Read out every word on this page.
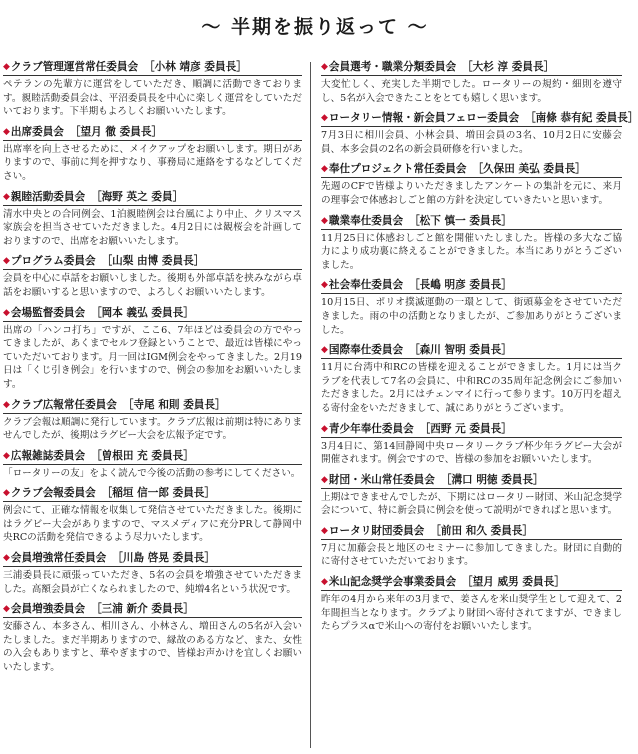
〜 半期を振り返って 〜
◆ クラブ管理運営常任委員会 ［ 小林 靖彦 委員長 ］
ペテランの先輩方に運営をしていただき、順調に活動できております。親睦活動委員会は、平沼委員長を中心に楽しく運営をしていただいております。下半期もよろしくお願いいたします。
◆ 出席委員会 ［ 望月 徹 委員長 ］
出席率を向上させるために、メイクアップをお願いします。期日がありますので、事前に判を押すなり、事務局に連絡をするなどしてください。
◆ 親睦活動委員会 ［ 海野 英之 委員 ］
清水中央との合同例会、1泊親睦例会は台風により中止、クリスマス家族会を担当させていただきました。4月2日には観桜会を計画しておりますので、出席をお願いいたします。
◆ プログラム委員会 ［ 山梨 由博 委員長 ］
会員を中心に卓話をお願いしました。後期も外部卓話を挟みながら卓話をお願いすると思いますので、よろしくお願いいたします。
◆ 会場監督委員会 ［ 岡本 義弘 委員長 ］
出席の「ハンコ打ち」ですが、ここ6、7年ほどは委員会の方でやってきましたが、あくまでセルフ登録ということで、最近は皆様にやっていただいております。月一回はIGM例会をやってきました。2月19日は「くじ引き例会」を行いますので、例会の参加をお願いいたします。
◆ クラブ広報常任委員会 ［ 寺尾 和則 委員長 ］
クラブ会報は順調に発行しています。クラブ広報は前期は特にありませんでしたが、後期はラグビー大会を広報予定です。
◆ 広報雑誌委員会 ［ 曽根田 充 委員長 ］
「ロータリーの友」をよく読んで今後の活動の参考にしてください。
◆ クラブ会報委員会 ［ 稲垣 信一郎 委員長 ］
例会にて、正確な情報を収集して発信させていただきました。後期にはラグビー大会がありますので、マスメディアに充分PRして静岡中央RCの活動を発信できるよう尽力いたします。
◆ 会員増強常任委員会 ［ 川島 啓晃 委員長 ］
三浦委員長に頑張っていただき、5名の会員を増強させていただきました。高額会員が亡くなられましたので、純増4名という状況です。
◆ 会員増強委員会 ［ 三浦 新介 委員長 ］
安藤さん、本多さん、相川さん、小林さん、増田さんの5名が入会いたしました。まだ半期ありますので、縁故のある方など、また、女性の入会もありますと、華やぎますので、皆様お声かけを宜しくお願いいたします。
◆ 会員選考・職業分類委員会 ［ 大杉 淳 委員長 ］
大変忙しく、充実した半期でした。ロータリーの規約・細則を遵守し、5名が入会できたことをとても嬉しく思います。
◆ ロータリー情報・新会員フェロー委員会 ［ 南條 恭有紀 委員長 ］
7月3日に相川会員、小林会員、増田会員の3名、10月2日に安藤会員、本多会員の2名の新会員研修を行いました。
◆ 奉仕プロジェクト常任委員会 ［ 久保田 美弘 委員長 ］
先週のCFで皆様よりいただきましたアンケートの集計を元に、来月の理事会で体感おしごと館の方針を決定していきたいと思います。
◆ 職業奉仕委員会 ［ 松下 慎一 委員長 ］
11月25日に体感おしごと館を開催いたしました。皆様の多大なご協力により成功裏に終えることができました。本当にありがとうございました。
◆ 社会奉仕委員会 ［ 長嶋 明彦 委員長 ］
10月15日、ポリオ撲滅運動の一環として、街頭募金をさせていただきました。雨の中の活動となりましたが、ご参加ありがとうございました。
◆ 国際奉仕委員会 ［ 森川 智明 委員長 ］
11月に台湾中和RCの皆様を迎えることができました。1月には当クラブを代表して7名の会員に、中和RCの35周年記念例会にご参加いただきました。2月にはチェンマイに行って参ります。10万円を超える寄付金をいただきまして、誠にありがとうございます。
◆ 青少年奉仕委員会 ［ 西野 元 委員長 ］
3月4日に、第14回静岡中央ロータリークラブ杯少年ラグビー大会が開催されます。例会ですので、皆様の参加をお願いいたします。
◆ 財団・米山常任委員会 ［ 溝口 明徳 委員長 ］
上期はできませんでしたが、下期にはロータリー財団、米山記念奨学会について、特に新会員に例会を使って説明ができればと思います。
◆ ロータリ財団委員会 ［ 前田 和久 委員長 ］
7月に加藤会長と地区のセミナーに参加してきました。財団に自動的に寄付させていただいております。
◆ 米山記念奨学会事業委員会 ［ 望月 威男 委員長 ］
昨年の4月から来年の3月まで、姜さんを米山奨学生として迎えて、2年間担当となります。クラブより財団へ寄付されてますが、できましたらプラスαで米山への寄付をお願いいたします。
